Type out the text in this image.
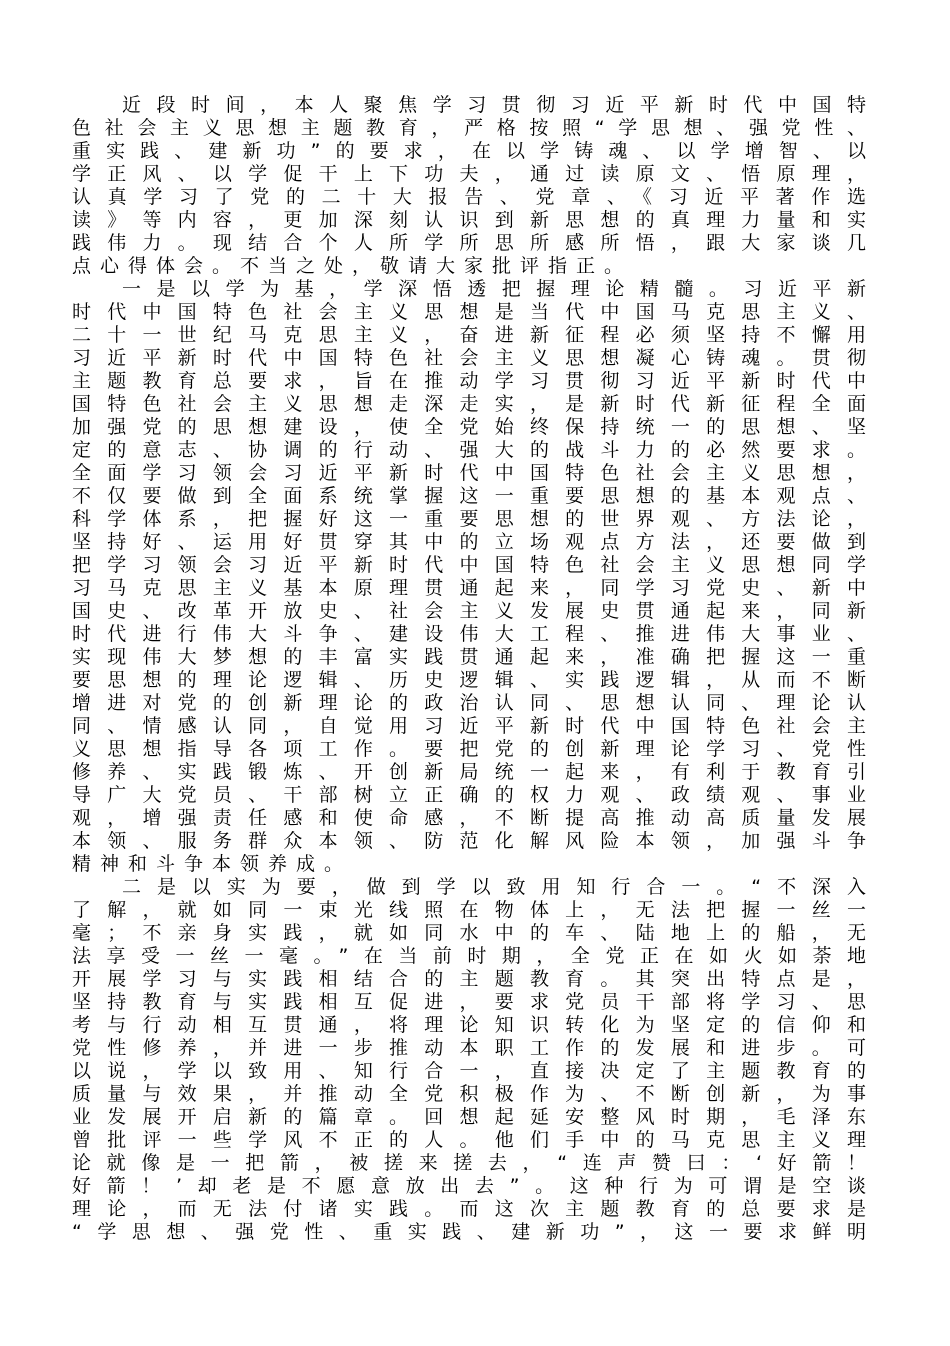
近段时间，本人聚焦学习贯彻习近平新时代中国特
色社会主义思想主题教育，严格按照“学思想、强党性、
重实践、建新功”的要求，在以学铸魂、以学增智、以
学正风、以学促干上下功夫，通过读原文、悟原理，
认真学习了党的二十大报告、党章、《习近平著作选
读》等内容，更加深刻认识到新思想的真理力量和实
践伟力。现结合个人所学所思所感所悟，跟大家谈几
点心得体会。不当之处，敬请大家批评指正。
一是以学为基，学深悟透把握理论精髓。习近平新
时代中国特色社会主义思想是当代中国马克思主义、
二十一世纪马克思主义，奋进新征程必须坚持不懈用
习近平新时代中国特色社会主义思想凝心铸魂。贯彻
主题教育总要求，旨在推动学习贯彻习近平新时代中
国特色社会主义思想走深走实，是新时代新征程全面
加强党的思想建设，使全党始终保持统一的思想、坚
定的意志、协调的行动、强大的战斗力的必然要求。
全面学习领会习近平新时代中国特色社会主义思想，
不仅要做到全面系统掌握这一重要思想的基本观点、
科学体系，把握好这一重要思想的世界观、方法论，
坚持好、运用好贯穿其中的立场观点方法，还要做到
把学习领会习近平新时代中国特色社会主义思想同学
习马克思主义基本原理贯通起来，同学习党史、新中
国史、改革开放史、社会主义发展史贯通起来，同新
时代进行伟大斗争、建设伟大工程、推进伟大事业、
实现伟大梦想的丰富实践贯通起来，准确把握这一重
要思想的理论逻辑、历史逻辑、实践逻辑，从而不断
增进对党的创新理论的政治认同、思想认同、理论认
同、情感认同，自觉用习近平新时代中国特色社会主
义思想指导各项工作。要把党的创新理论学习、党性
修养、实践锻炼、开创新局统一起来，有利于教育引
导广大党员、干部树立正确的权力观、政绩观、事业
观，增强责任感和使命感，不断提高推动高质量发展
本领、服务群众本领、防范化解风险本领，加强斗争
精神和斗争本领养成。
二是以实为要，做到学以致用知行合一。“不深入
了解，就如同一束光线照在物体上，无法把握一丝一
毫；不亲身实践，就如同水中的车、陆地上的船，无
法享受一丝一毫。”在当前时期，全党正在如火如荼地
开展学习与实践相结合的主题教育。其突出特点是，
坚持教育与实践相互促进，要求党员干部将学习、思
考与行动相互贯通，将理论知识转化为坚定的信仰和
党性修养，并进一步推动本职工作的发展和进步。可
以说，学以致用、知行合一，直接决定了主题教育的
质量与效果，并推动全党积极作为、不断创新，为事
业发展开启新的篇章。回想起延安整风时期，毛泽东
曾批评一些学风不正的人。他们手中的马克思主义理
论就像是一把箭，被搓来搓去，“连声赞曰：‘好箭！
好箭！’却老是不愿意放出去”。这种行为可谓是空谈
理论，而无法付诸实践。而这次主题教育的总要求是
“学思想、强党性、重实践、建新功”，这一要求鲜明
